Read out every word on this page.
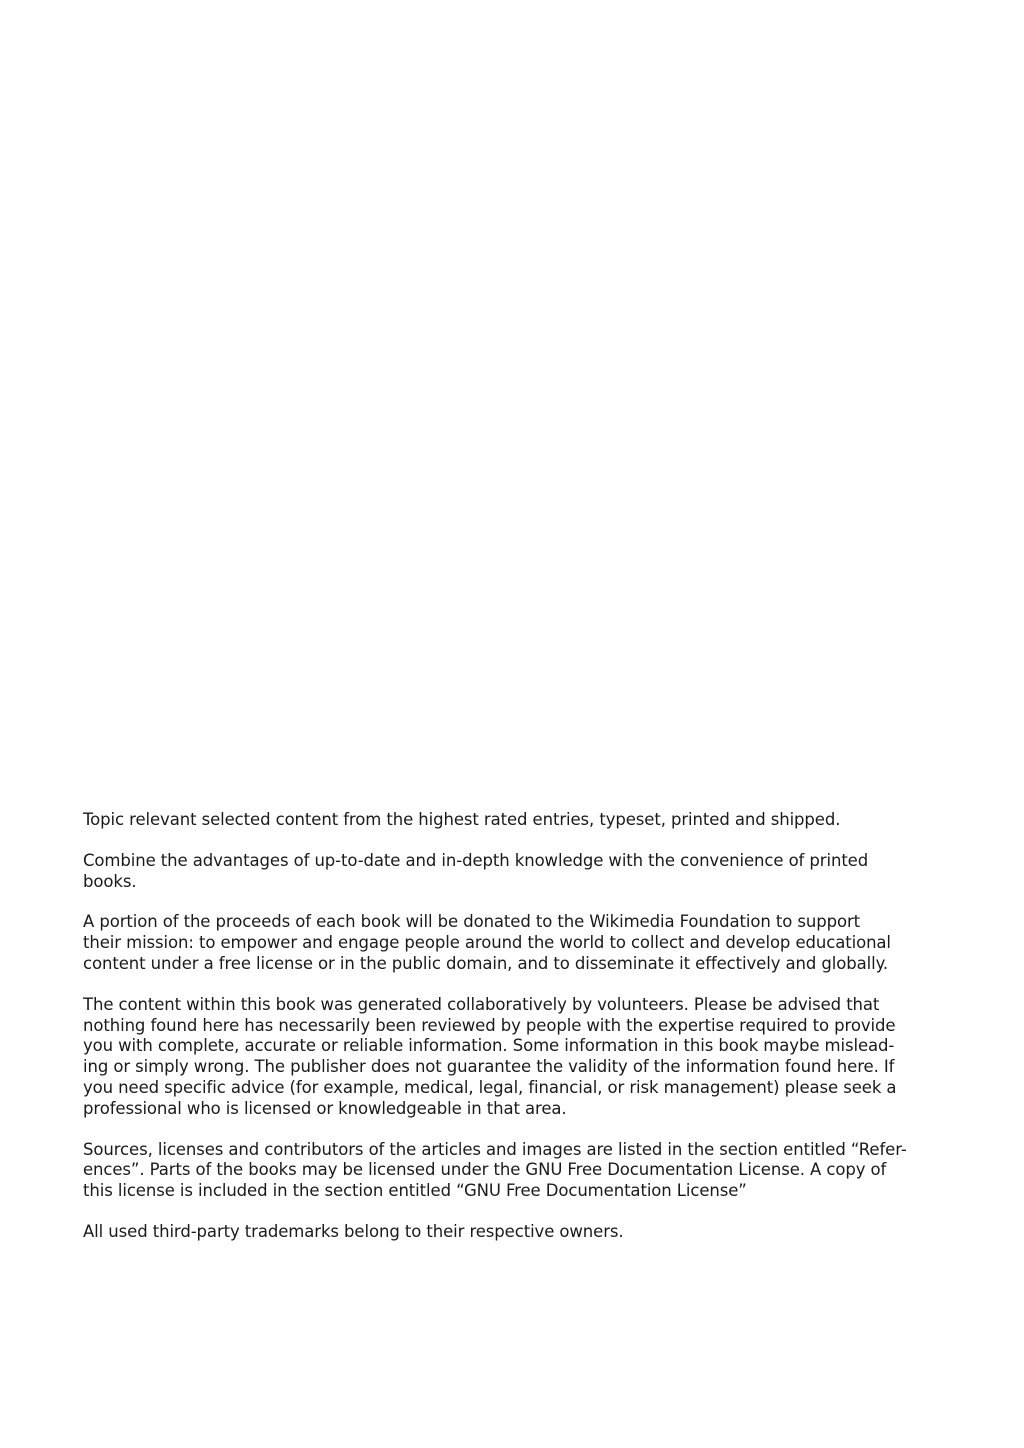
Topic relevant selected content from the highest rated entries, typeset, printed and shipped.

Combine the advantages of up-to-date and in-depth knowledge with the convenience of printed
books.

A portion of the proceeds of each book will be donated to the Wikimedia Foundation to support
their mission: to empower and engage people around the world to collect and develop educational
content under a free license or in the public domain, and to disseminate it effectively and globally.

The content within this book was generated collaboratively by volunteers. Please be advised that
nothing found here has necessarily been reviewed by people with the expertise required to provide
you with complete, accurate or reliable information. Some information in this book maybe mislead-
ing or simply wrong. The publisher does not guarantee the validity of the information found here. If
you need specific advice (for example, medical, legal, financial, or risk management) please seek a
professional who is licensed or knowledgeable in that area.

Sources, licenses and contributors of the articles and images are listed in the section entitled “Refer-
ences”. Parts of the books may be licensed under the GNU Free Documentation License. A copy of
this license is included in the section entitled “GNU Free Documentation License”

All used third-party trademarks belong to their respective owners.
